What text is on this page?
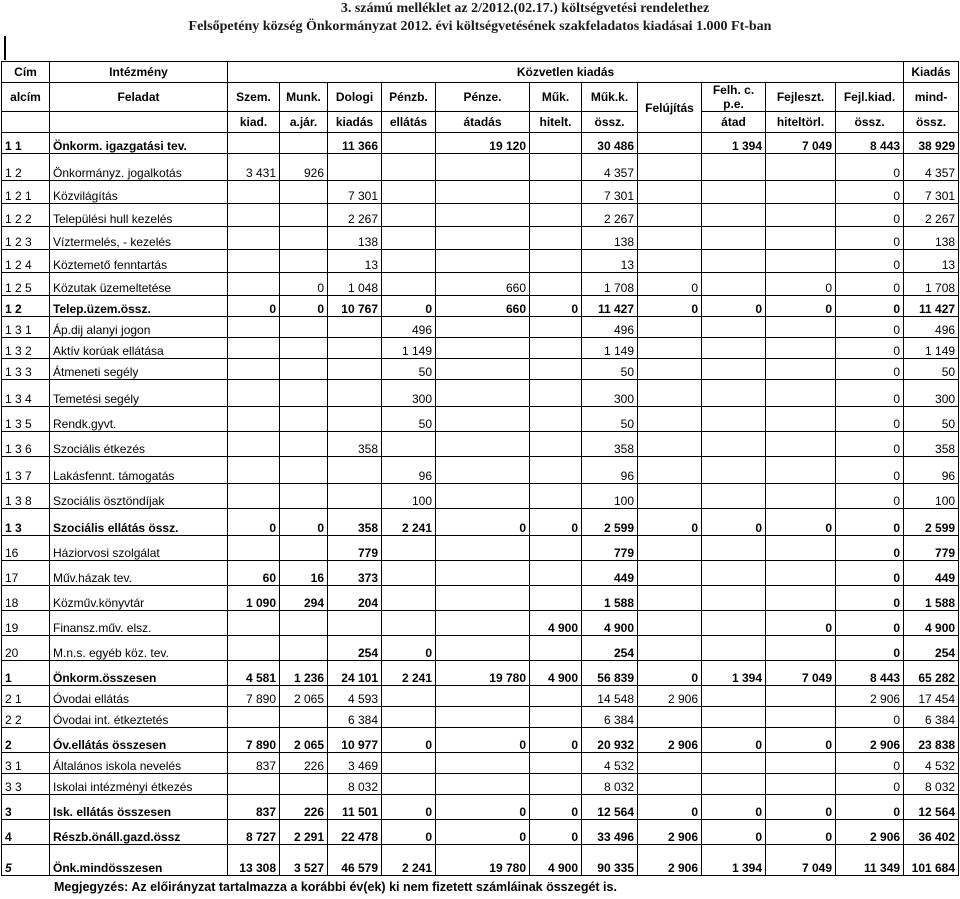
3. számú melléklet az 2/2012.(02.17.) költségvetési rendelethez
Felsőpetény község Önkormányzat 2012. évi költségvetésének szakfeladatos kiadásai 1.000 Ft-ban
Cím	Intézmény	Közvetlen kiadás											Kiadás
alcím	Feladat	Szem.	Munk.	Dologi	Pénzb.	Pénze.	Műk.	Műk.k.	Felújítás	Felh. c.
p.e.	Fejleszt.	Fejl.kiad.	mind-
		kiad.	a.jár.	kiadás	ellátás	átadás	hitelt.	össz.		átad	hiteltörl.	össz.	össz.
1 1	Önkorm. igazgatási tev.			11 366		19 120		30 486		1 394	7 049	8 443	38 929
1 2	Önkormányz. jogalkotás	3 431	926					4 357				0	4 357
1 2 1	Közvilágítás			7 301				7 301				0	7 301
1 2 2	Települési hull kezelés			2 267				2 267				0	2 267
1 2 3	Víztermelés, - kezelés			138				138				0	138
1 2 4	Köztemető fenntartás			13				13				0	13
1 2 5	Közutak üzemeltetése		0	1 048		660		1 708	0		0	0	1 708
1 2	Telep.üzem.össz.	0	0	10 767	0	660	0	11 427	0	0	0	0	11 427
1 3 1	Áp.dij alanyi jogon				496			496				0	496
1 3 2	Aktív korúak ellátása				1 149			1 149				0	1 149
1 3 3	Átmeneti segély				50			50				0	50
1 3 4	Temetési segély				300			300				0	300
1 3 5	Rendk.gyvt.				50			50				0	50
1 3 6	Szociális étkezés			358				358				0	358
1 3 7	Lakásfennt. támogatás				96			96				0	96
1 3 8	Szociális ösztöndíjak				100			100				0	100
1 3	Szociális ellátás össz.	0	0	358	2 241	0	0	2 599	0	0	0	0	2 599
16	Háziorvosi szolgálat			779				779				0	779
17	Műv.házak tev.	60	16	373				449				0	449
18	Közműv.könyvtár	1 090	294	204				1 588				0	1 588
19	Finansz.műv. elsz.						4 900	4 900			0	0	4 900
20	M.n.s. egyéb köz. tev.			254	0			254				0	254
1	Önkorm.összesen	4 581	1 236	24 101	2 241	19 780	4 900	56 839	0	1 394	7 049	8 443	65 282
2 1	Óvodai ellátás	7 890	2 065	4 593				14 548	2 906			2 906	17 454
2 2	Óvodai int. étkeztetés			6 384				6 384				0	6 384
2	Óv.ellátás összesen	7 890	2 065	10 977	0	0	0	20 932	2 906	0	0	2 906	23 838
3 1	Általános iskola nevelés	837	226	3 469				4 532				0	4 532
3 3	Iskolai intézményi étkezés			8 032				8 032				0	8 032
3	Isk. ellátás összesen	837	226	11 501	0	0	0	12 564	0	0	0	0	12 564
4	Részb.önáll.gazd.össz	8 727	2 291	22 478	0	0	0	33 496	2 906	0	0	2 906	36 402
5	Önk.mindösszesen	13 308	3 527	46 579	2 241	19 780	4 900	90 335	2 906	1 394	7 049	11 349	101 684
Megjegyzés: Az előirányzat tartalmazza a korábbi év(ek) ki nem fizetett számláinak összegét is.
